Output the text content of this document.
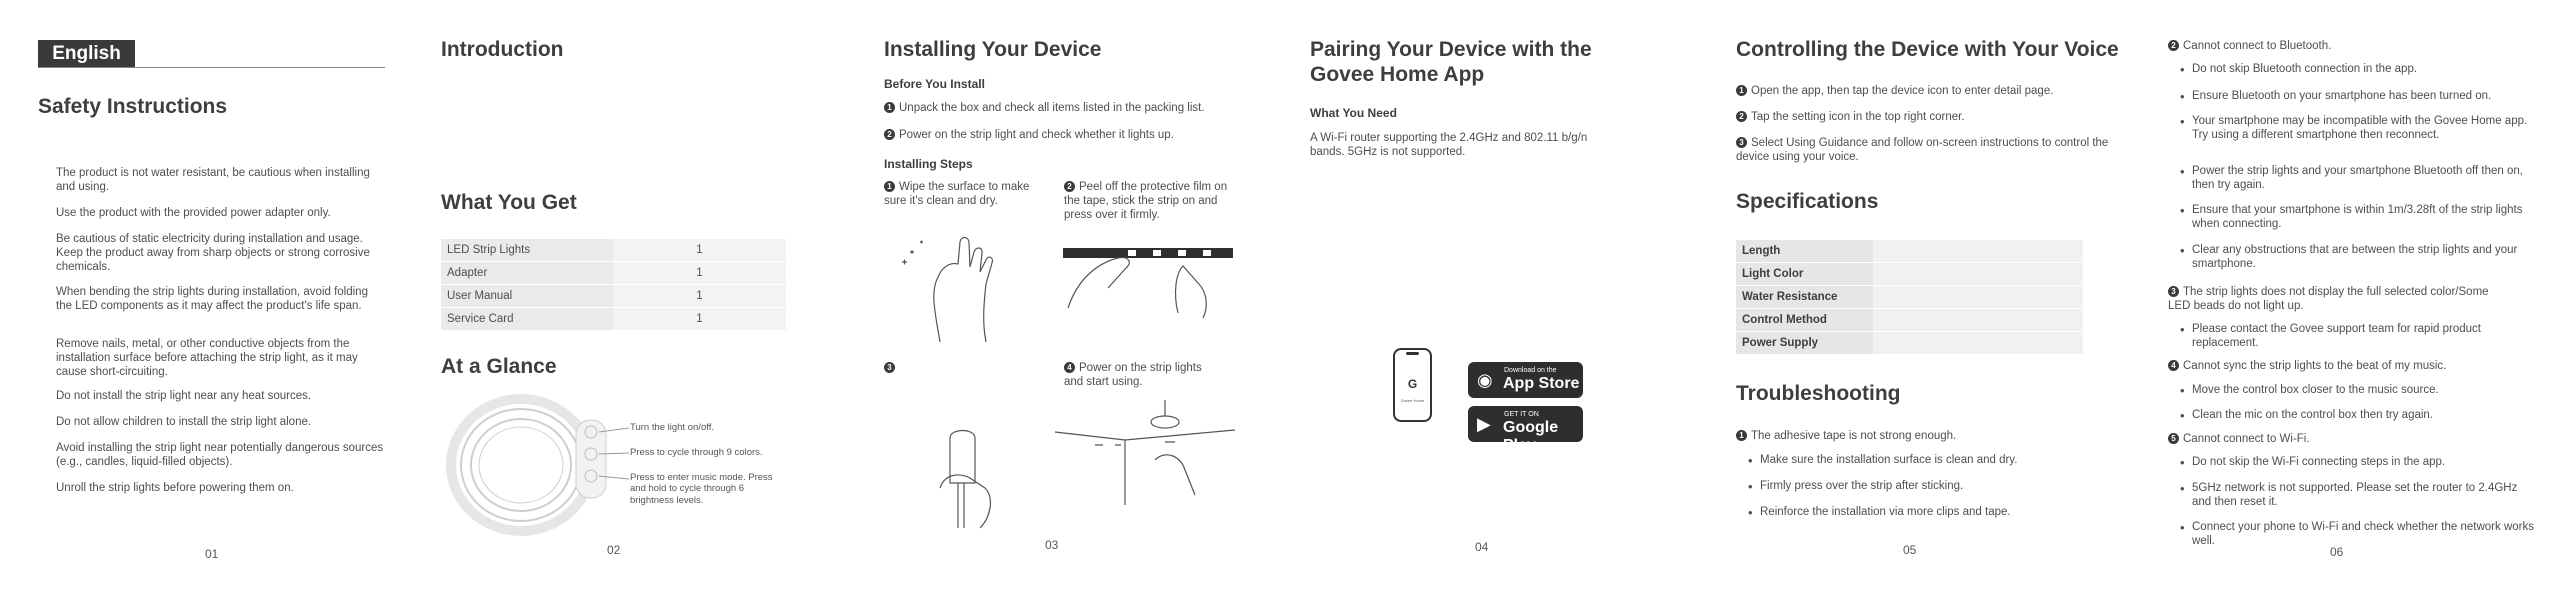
English
Safety Instructions
The product is not water resistant, be cautious when installing and using.
Use the product with the provided power adapter only.
Be cautious of static electricity during installation and usage. Keep the product away from sharp objects or strong corrosive chemicals.
When bending the strip lights during installation, avoid folding the LED components as it may affect the product's life span.
Remove nails, metal, or other conductive objects from the installation surface before attaching the strip light, as it may cause short-circuiting.
Do not install the strip light near any heat sources.
Do not allow children to install the strip light alone.
Avoid installing the strip light near potentially dangerous sources (e.g., candles, liquid-filled objects).
Unroll the strip lights before powering them on.
01
Introduction
What You Get
LED Strip Lights	1
Adapter	1
User Manual	1
Service Card	1
At a Glance
Turn the light on/off.
Press to cycle through 9 colors.
Press to enter music mode. Press and hold to cycle through 6 brightness levels.
02
Installing Your Device
Before You Install
1 Unpack the box and check all items listed in the packing list.
2 Power on the strip light and check whether it lights up.
Installing Steps
1 Wipe the surface to make sure it's clean and dry.
2 Peel off the protective film on the tape, stick the strip on and press over it firmly.
3	4 Power on the strip lights and start using.
03
Pairing Your Device with the Govee Home App
What You Need
A Wi-Fi router supporting the 2.4GHz and 802.11 b/g/n bands. 5GHz is not supported.
G
Govee Home
◉ Download on the
App Store
▶ GET IT ON
Google Play
04
Controlling the Device with Your Voice
1 Open the app, then tap the device icon to enter detail page.
2 Tap the setting icon in the top right corner.
3 Select Using Guidance and follow on-screen instructions to control the device using your voice.
Specifications
Length	
Light Color	
Water Resistance	
Control Method	
Power Supply	
Troubleshooting
1 The adhesive tape is not strong enough.
• Make sure the installation surface is clean and dry.
• Firmly press over the strip after sticking.
• Reinforce the installation via more clips and tape.
05
2 Cannot connect to Bluetooth.
• Do not skip Bluetooth connection in the app.
• Ensure Bluetooth on your smartphone has been turned on.
• Your smartphone may be incompatible with the Govee Home app. Try using a different smartphone then reconnect.
• Power the strip lights and your smartphone Bluetooth off then on, then try again.
• Ensure that your smartphone is within 1m/3.28ft of the strip lights when connecting.
• Clear any obstructions that are between the strip lights and your smartphone.
3 The strip lights does not display the full selected color/Some LED beads do not light up.
• Please contact the Govee support team for rapid product replacement.
4 Cannot sync the strip lights to the beat of my music.
• Move the control box closer to the music source.
• Clean the mic on the control box then try again.
5 Cannot connect to Wi-Fi.
• Do not skip the Wi-Fi connecting steps in the app.
• 5GHz network is not supported. Please set the router to 2.4GHz and then reset it.
• Connect your phone to Wi-Fi and check whether the network works well.
06
